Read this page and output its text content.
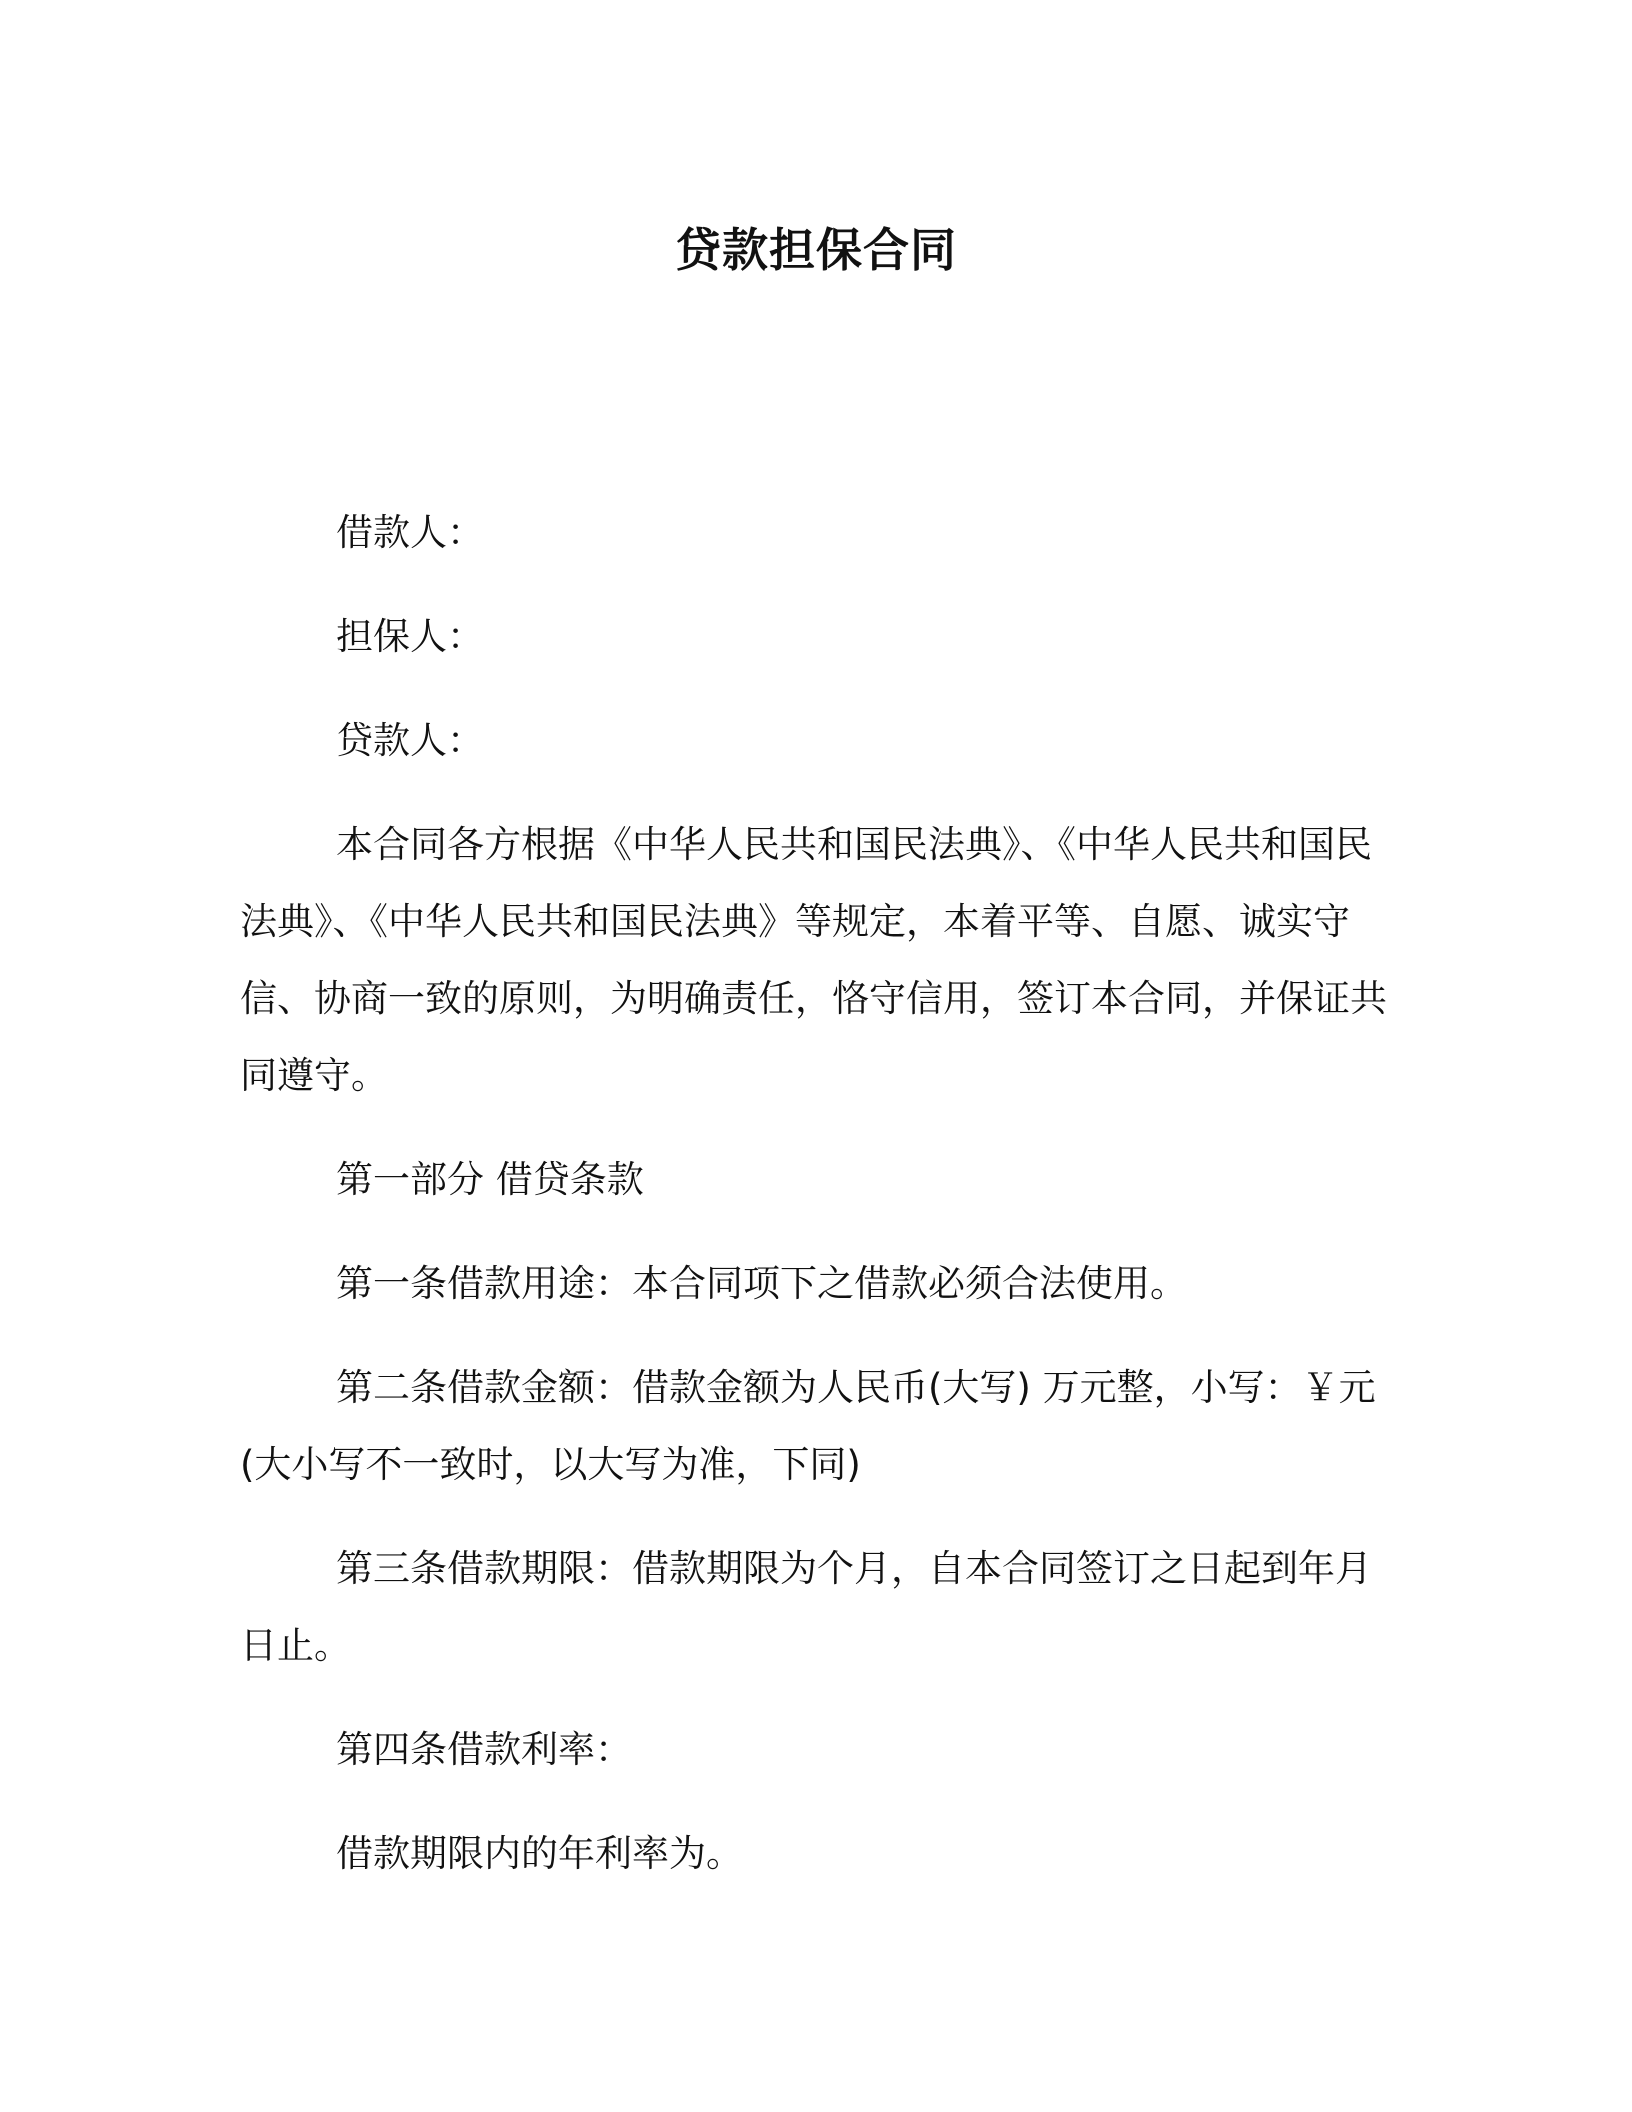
贷款担保合同

借款人：

担保人：

贷款人：

本合同各方根据《中华人民共和国民法典》、《中华人民共和国民法典》、《中华人民共和国民法典》等规定，本着平等、自愿、诚实守信、协商一致的原则，为明确责任，恪守信用，签订本合同，并保证共同遵守。

第一部分 借贷条款

第一条借款用途：本合同项下之借款必须合法使用。

第二条借款金额：借款金额为人民币(大写) 万元整，小写：￥元(大小写不一致时，以大写为准，下同)

第三条借款期限：借款期限为个月，自本合同签订之日起到年月日止。

第四条借款利率：

借款期限内的年利率为。
